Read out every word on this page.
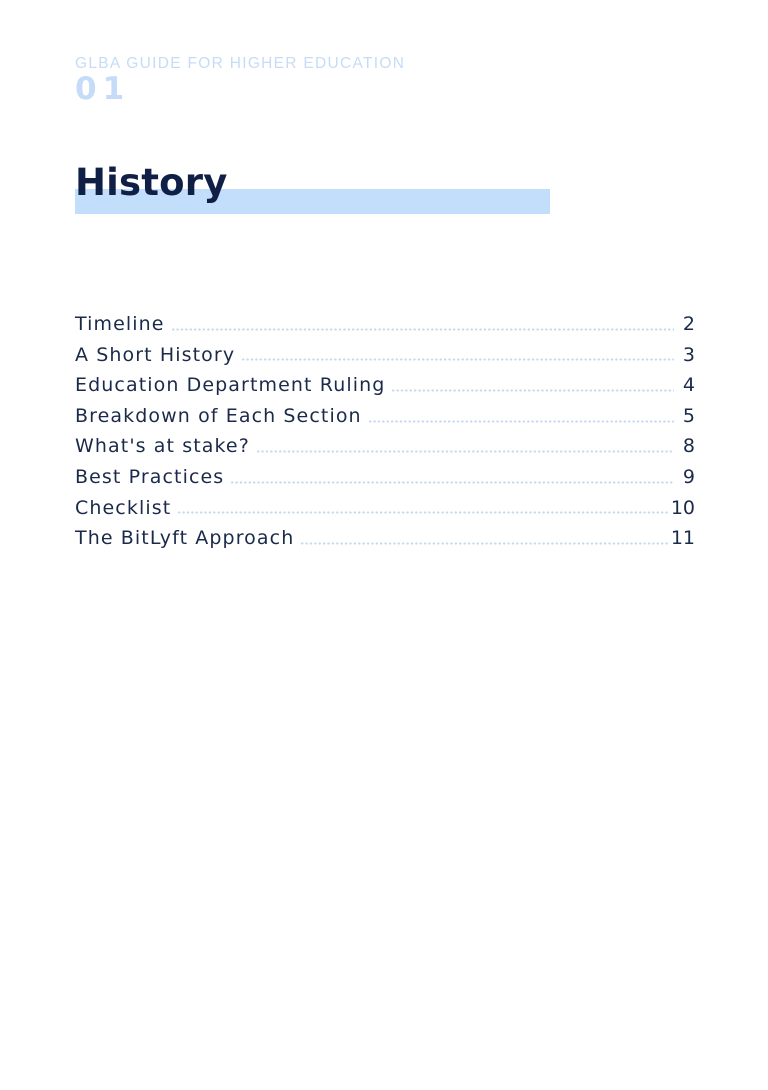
GLBA GUIDE FOR HIGHER EDUCATION
01
History
Timeline	2
A Short History	3
Education Department Ruling	4
Breakdown of Each Section	5
What's at stake?	8
Best Practices	9
Checklist	10
The BitLyft Approach	11
